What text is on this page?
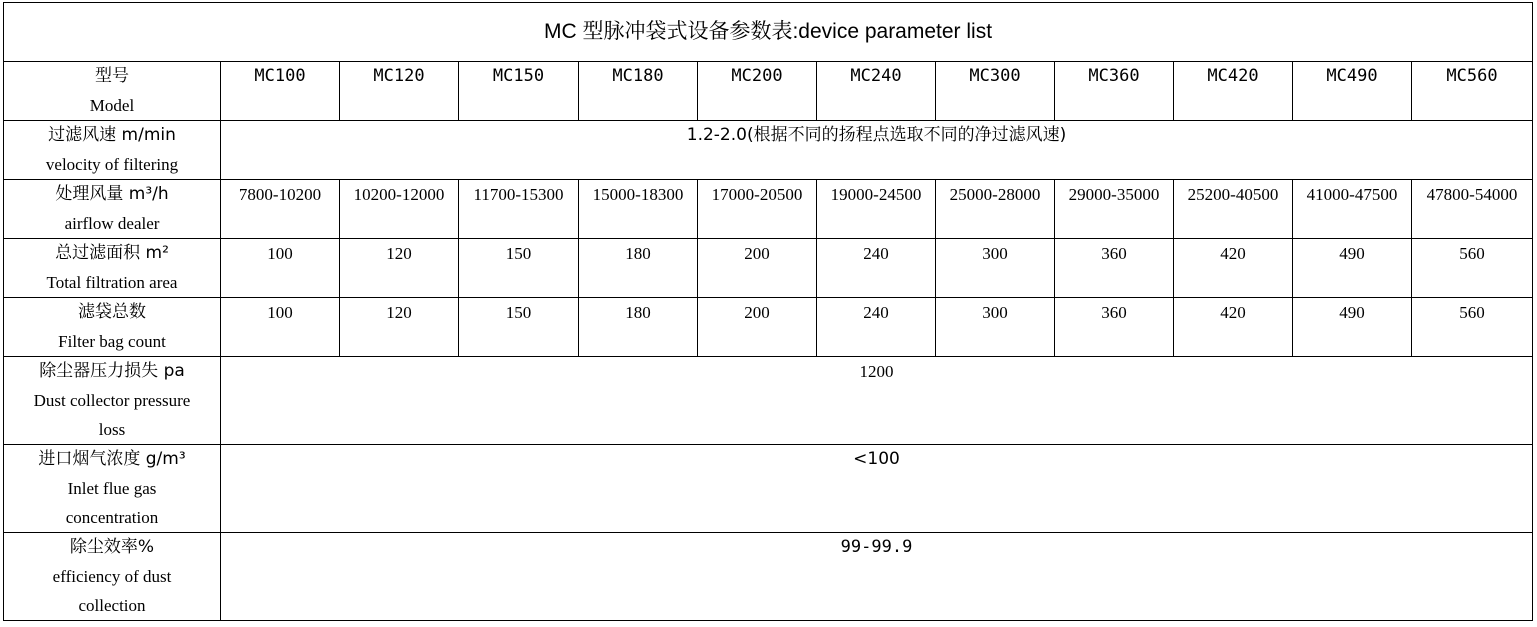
MC 型脉冲袋式设备参数表:device parameter list											

型号
Model	MC100	MC120	MC150	MC180	MC200	MC240	MC300	MC360	MC420	MC490	MC560

过滤风速 m/min
velocity of filtering	1.2-2.0(根据不同的扬程点选取不同的净过滤风速)										

处理风量 m³/h
airflow dealer	7800-10200	10200-12000	11700-15300	15000-18300	17000-20500	19000-24500	25000-28000	29000-35000	25200-40500	41000-47500	47800-54000

总过滤面积 m²
Total filtration area	100	120	150	180	200	240	300	360	420	490	560

滤袋总数
Filter bag count	100	120	150	180	200	240	300	360	420	490	560

除尘器压力损失 pa
Dust collector pressure
loss	1200										

进口烟气浓度 g/m³
Inlet flue gas
concentration	<100										

除尘效率%
efficiency of dust
collection	99-99.9										
